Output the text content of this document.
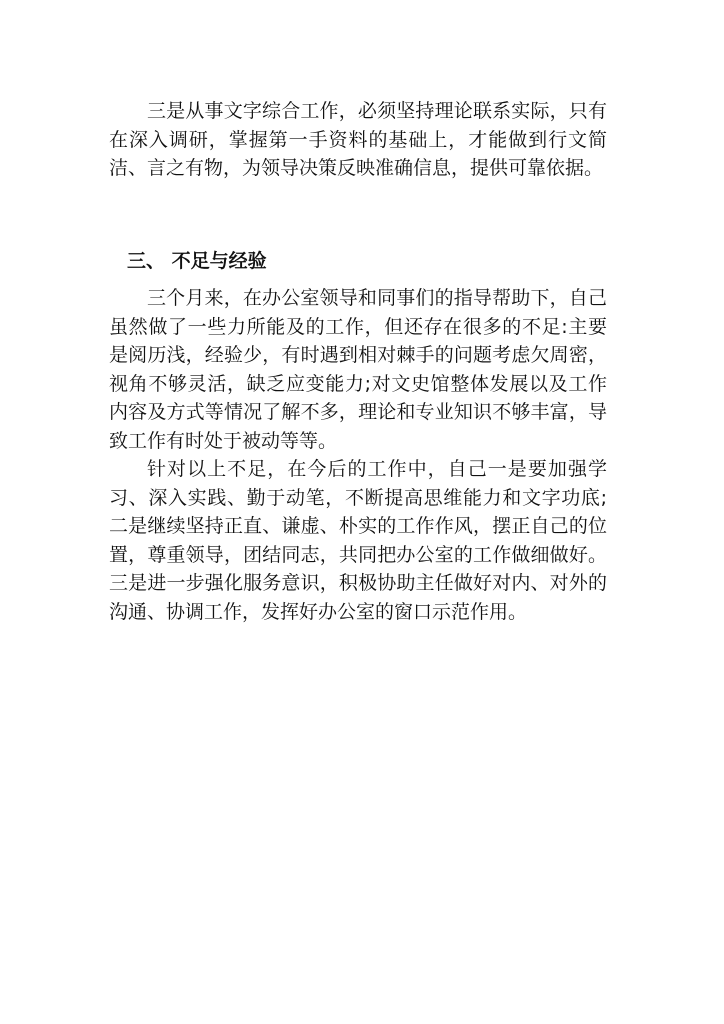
三是从事文字综合工作，必须坚持理论联系实际，只有在深入调研，掌握第一手资料的基础上，才能做到行文简洁、言之有物，为领导决策反映准确信息，提供可靠依据。

三、 不足与经验

三个月来，在办公室领导和同事们的指导帮助下，自己虽然做了一些力所能及的工作，但还存在很多的不足:主要是阅历浅，经验少，有时遇到相对棘手的问题考虑欠周密，视角不够灵活，缺乏应变能力;对文史馆整体发展以及工作内容及方式等情况了解不多，理论和专业知识不够丰富，导致工作有时处于被动等等。

针对以上不足，在今后的工作中，自己一是要加强学习、深入实践、勤于动笔，不断提高思维能力和文字功底;二是继续坚持正直、谦虚、朴实的工作作风，摆正自己的位置，尊重领导，团结同志，共同把办公室的工作做细做好。三是进一步强化服务意识，积极协助主任做好对内、对外的沟通、协调工作，发挥好办公室的窗口示范作用。
